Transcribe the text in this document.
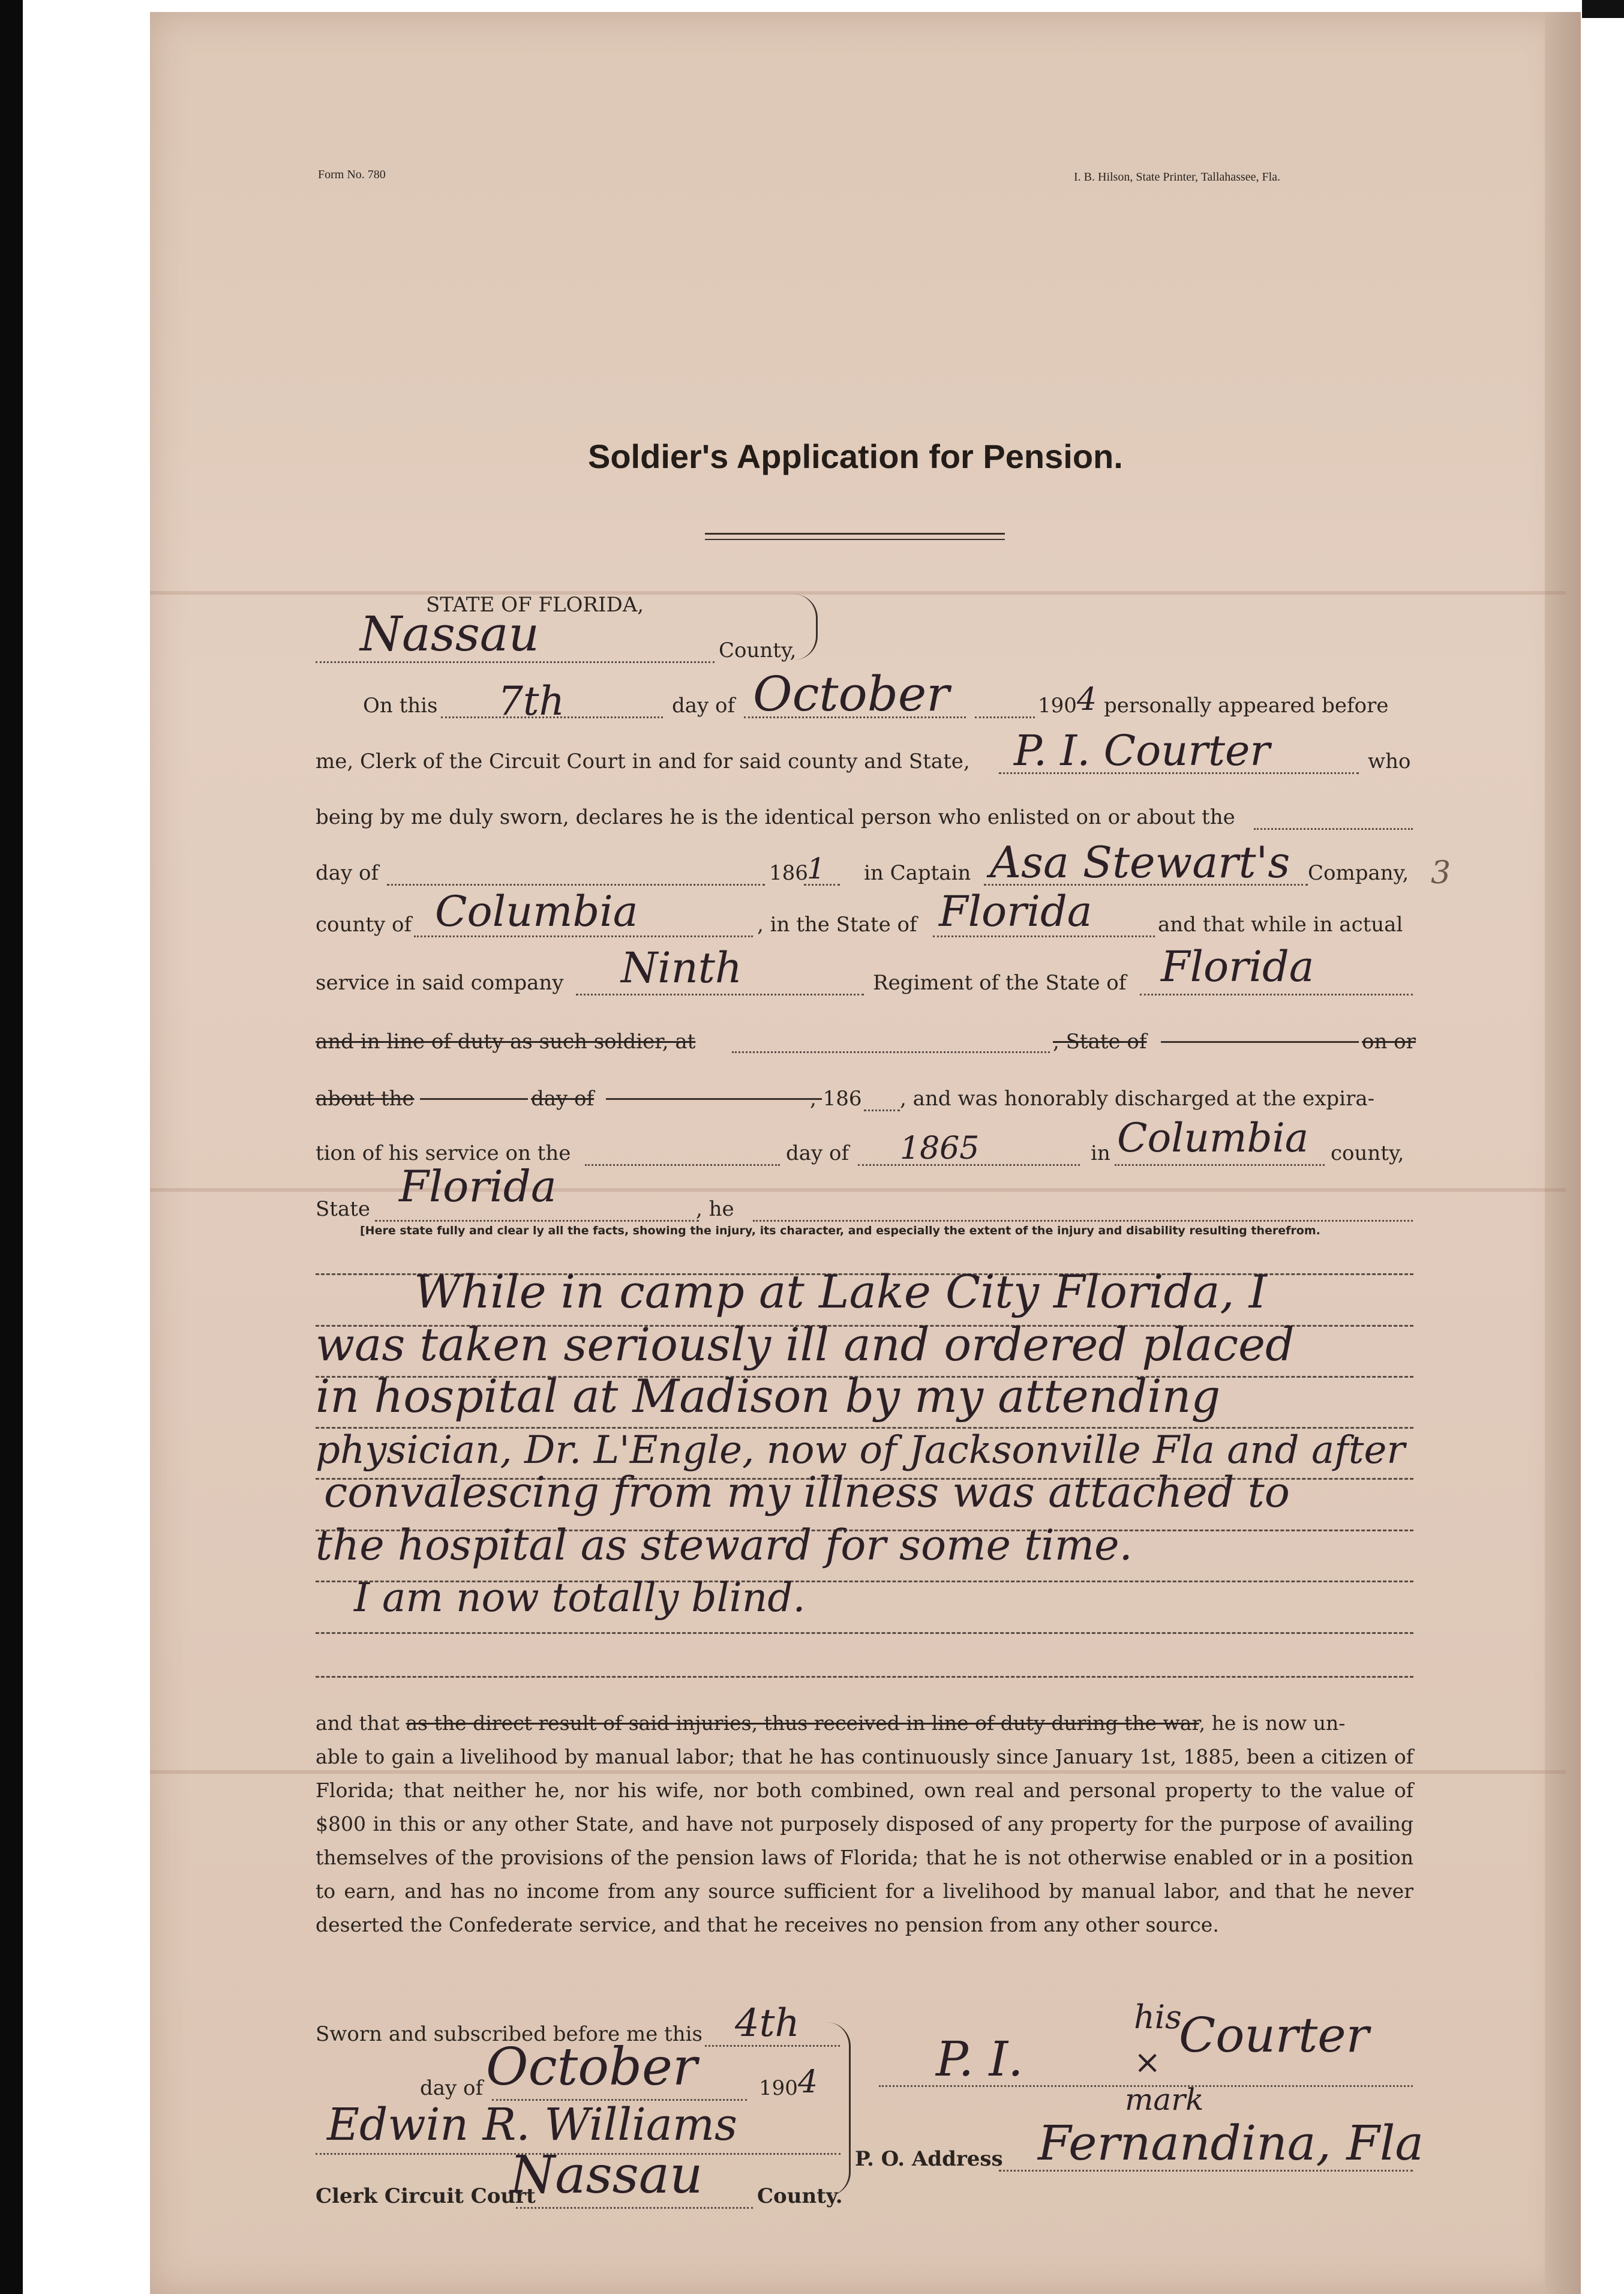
Form No. 780	I. B. Hilson, State Printer, Tallahassee, Fla.
Soldier's Application for Pension.
STATE OF FLORIDA,
Nassau	County,
On this 7th	day of October	190 4 personally appeared before
me, Clerk of the Circuit Court in and for said county and State, P. I. Courter	who
being by me duly sworn, declares he is the identical person who enlisted on or about the
day of	186
1 in Captain Asa Stewart's Company, 3
county of Columbia	, in the State of Florida	and that while in actual
service in said company Ninth	Regiment of the State of Florida
and in line of duty as such soldier, at	, State of	on or
about the	day of	, 186 , and was honorably discharged at the expira-
tion of his service on the	day of 1865	in Columbia county,
State Florida	, he
[Here state fully and clear ly all the facts, showing the injury, its character, and especially the extent of the injury and disability resulting therefrom.
While in camp at Lake City Florida, I
was taken seriously ill and ordered placed
in hospital at Madison by my attending
physician, Dr. L'Engle, now of Jacksonville Fla and after
convalescing from my illness was attached to
the hospital as steward for some time.
I am now totally blind.
and that as the direct result of said injuries, thus received in line of duty during the war, he is now un-
able to gain a livelihood by manual labor; that he has continuously since January 1st, 1885, been a citizen of Florida; that neither he, nor his wife, nor both combined, own real and personal property to the value of $800 in this or any other State, and have not purposely disposed of any property for the purpose of availing themselves of the provisions of the pension laws of Florida; that he is not otherwise enabled or in a position to earn, and has no income from any source sufficient for a livelihood by manual labor, and that he never deserted the Confederate service, and that he receives no pension from any other source.
Sworn and subscribed before me this 4th
day of October	190 4
Edwin R. Williams
Clerk Circuit Court
Nassau	County.
his
P. I.	× Courter
mark
P. O. Address Fernandina, Fla
